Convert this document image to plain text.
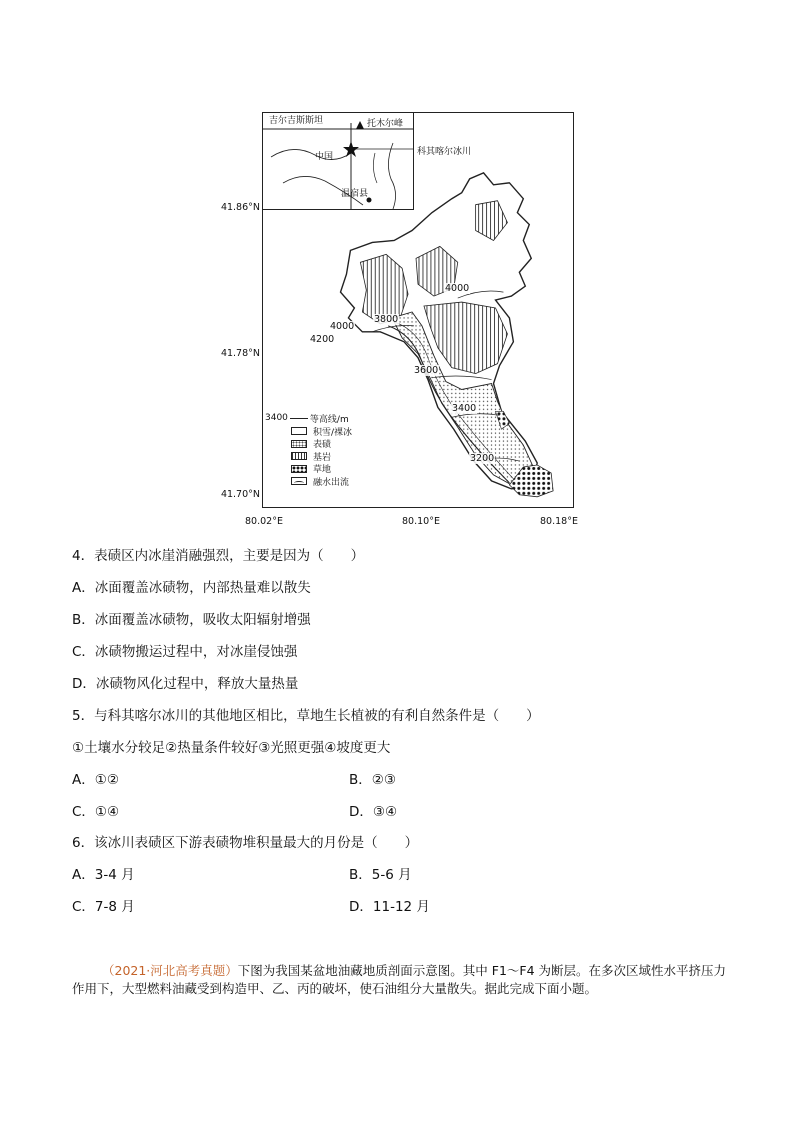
41.86°N
41.78°N
41.70°N
吉尔吉斯斯坦	托木尔峰
中国
温宿县
科其喀尔冰川
4000
3800
4000
4200
3600
3400
3200
3400 等高线/m
积雪/裸冰
表碛
基岩
草地
融水出流
80.02°E	80.10°E	80.18°E
4．表碛区内冰崖消融强烈，主要是因为（　　）
A．冰面覆盖冰碛物，内部热量难以散失
B．冰面覆盖冰碛物，吸收太阳辐射增强
C．冰碛物搬运过程中，对冰崖侵蚀强
D．冰碛物风化过程中，释放大量热量
5．与科其喀尔冰川的其他地区相比，草地生长植被的有利自然条件是（　　）
①土壤水分较足②热量条件较好③光照更强④坡度更大
A．①②	B．②③
C．①④	D．③④
6．该冰川表碛区下游表碛物堆积量最大的月份是（　　）
A．3-4 月	B．5-6 月
C．7-8 月	D．11-12 月
（2021·河北高考真题）下图为我国某盆地油藏地质剖面示意图。其中 F1～F4 为断层。在多次区域性水平挤压力作用下，大型燃料油藏受到构造甲、乙、丙的破坏，使石油组分大量散失。据此完成下面小题。
